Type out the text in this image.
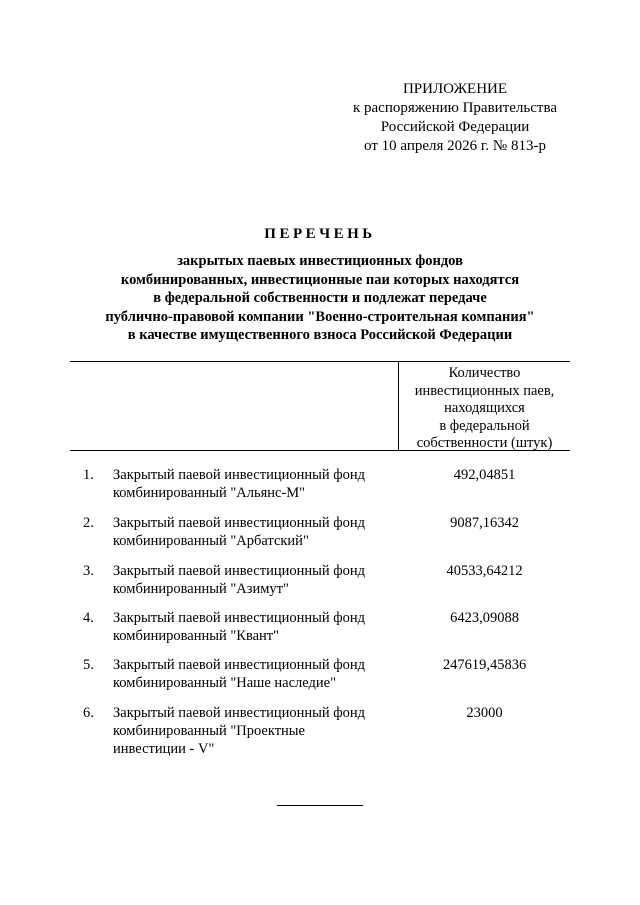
ПРИЛОЖЕНИЕ
к распоряжению Правительства
Российской Федерации
от 10 апреля 2026 г. № 813-р
ПЕРЕЧЕНЬ
закрытых паевых инвестиционных фондов
комбинированных, инвестиционные паи которых находятся
в федеральной собственности и подлежат передаче
публично-правовой компании "Военно-строительная компания"
в качестве имущественного взноса Российской Федерации
Количество
инвестиционных паев,
находящихся
в федеральной
собственности (штук)
1. Закрытый паевой инвестиционный фонд
комбинированный "Альянс-М"
492,04851
2. Закрытый паевой инвестиционный фонд
комбинированный "Арбатский"
9087,16342
3. Закрытый паевой инвестиционный фонд
комбинированный "Азимут"
40533,64212
4. Закрытый паевой инвестиционный фонд
комбинированный "Квант"
6423,09088
5. Закрытый паевой инвестиционный фонд
комбинированный "Наше наследие"
247619,45836
6. Закрытый паевой инвестиционный фонд
комбинированный "Проектные
инвестиции - V"
23000
